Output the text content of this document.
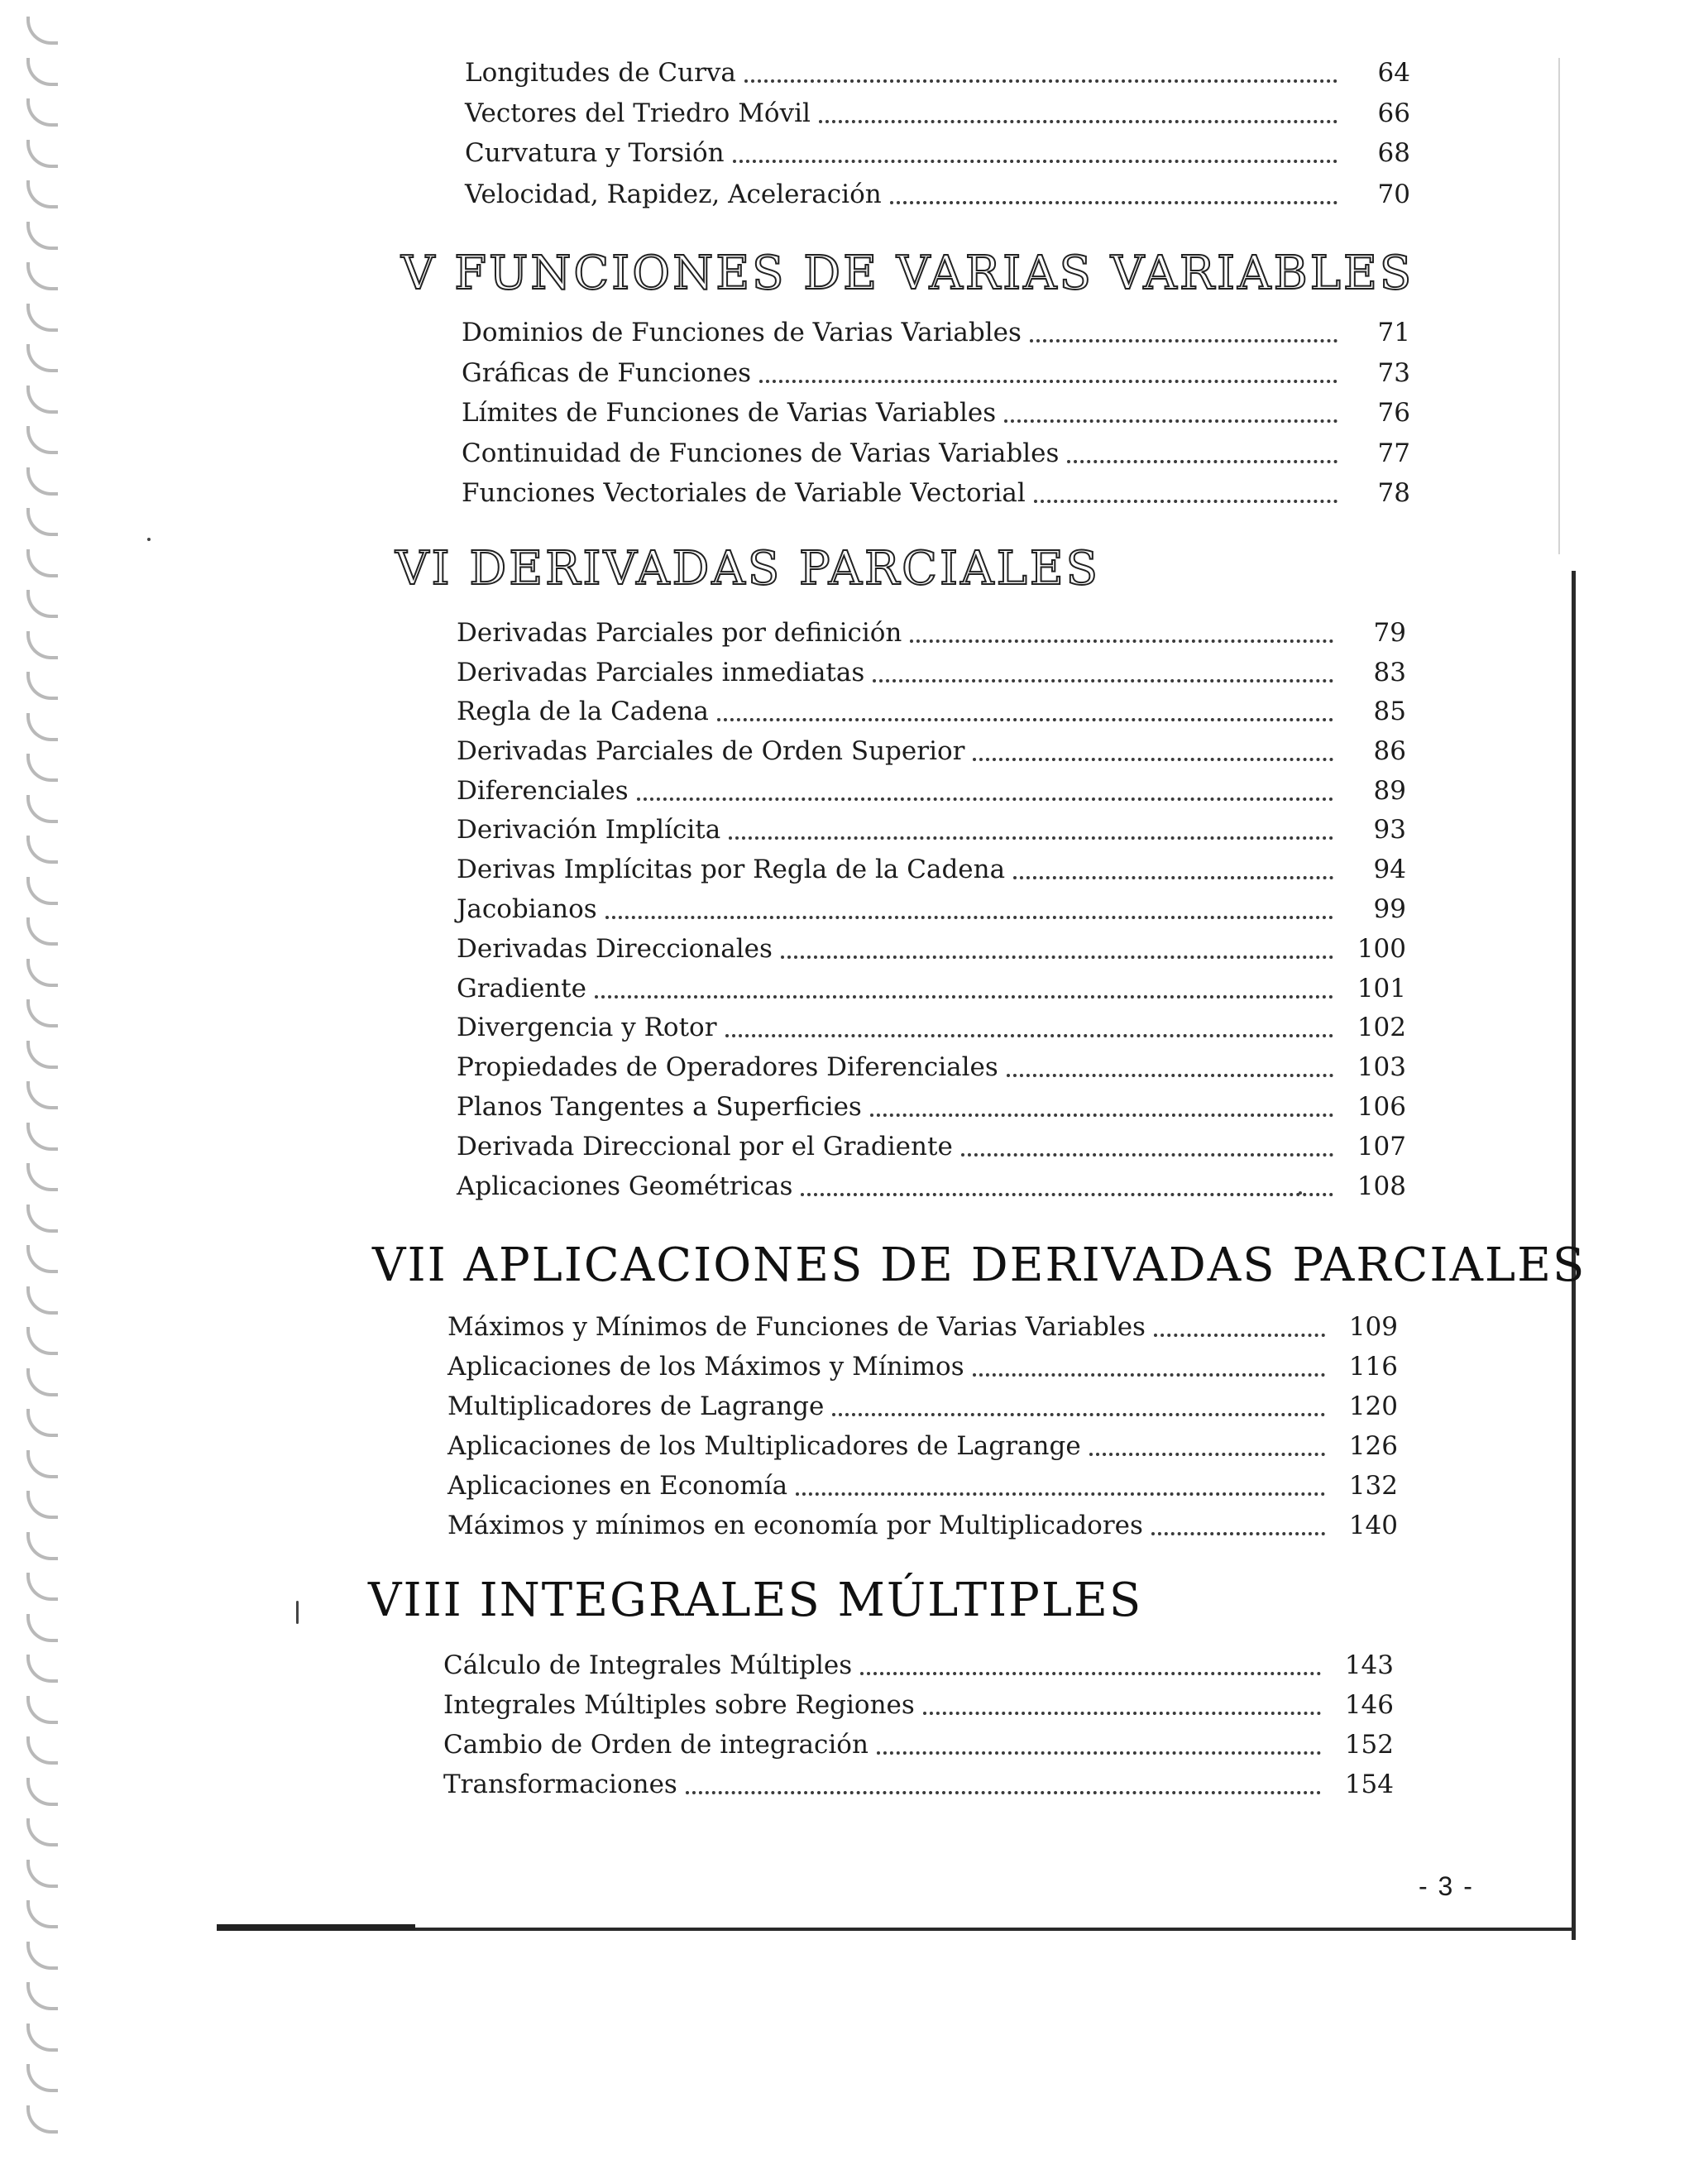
Longitudes de Curva	64
Vectores del Triedro Móvil	66
Curvatura y Torsión	68
Velocidad, Rapidez, Aceleración	70
V FUNCIONES DE VARIAS VARIABLES
Dominios de Funciones de Varias Variables	71
Gráficas de Funciones	73
Límites de Funciones de Varias Variables	76
Continuidad de Funciones de Varias Variables	77
Funciones Vectoriales de Variable Vectorial	78
VI DERIVADAS PARCIALES
Derivadas Parciales por definición	79
Derivadas Parciales inmediatas	83
Regla de la Cadena	85
Derivadas Parciales de Orden Superior	86
Diferenciales	89
Derivación Implícita	93
Derivas Implícitas por Regla de la Cadena	94
Jacobianos	99
Derivadas Direccionales	100
Gradiente	101
Divergencia y Rotor	102
Propiedades de Operadores Diferenciales	103
Planos Tangentes a Superficies	106
Derivada Direccional por el Gradiente	107
Aplicaciones Geométricas	108
VII APLICACIONES DE DERIVADAS PARCIALES
Máximos y Mínimos de Funciones de Varias Variables	109
Aplicaciones de los Máximos y Mínimos	116
Multiplicadores de Lagrange	120
Aplicaciones de los Multiplicadores de Lagrange	126
Aplicaciones en Economía	132
Máximos y mínimos en economía por Multiplicadores	140
VIII INTEGRALES MÚLTIPLES
Cálculo de Integrales Múltiples	143
Integrales Múltiples sobre Regiones	146
Cambio de Orden de integración	152
Transformaciones	154
- 3 -
